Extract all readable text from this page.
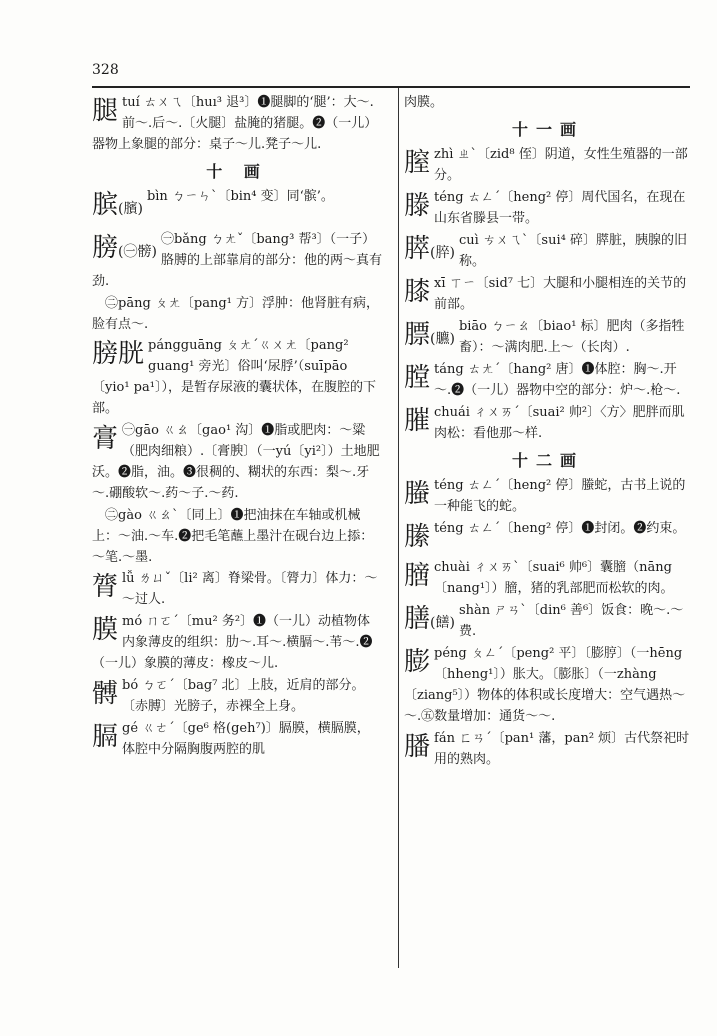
328
腿tuí ㄊㄨㄟ〔huı³ 退³〕❶腿脚的‘腿’：大～.前～.后～.〔火腿〕盐腌的猪腿。❷（一儿）器物上象腿的部分：桌子～儿.凳子～儿.
十 画
膑(臏)
bìn ㄅㄧㄣˋ〔bin⁴ 变〕同‘髌’。
膀(㊀髈)
㊀bǎng ㄅㄤˇ〔bang³ 帮³〕（一子）胳膊的上部靠肩的部分：他的两～真有劲.

㊁pāng ㄆㄤ〔pang¹ 方〕浮肿：他肾脏有病，脸有点～.

膀胱 pángguāng ㄆㄤˊㄍㄨㄤ〔pang² guang¹ 旁光〕俗叫‘尿脬’（suīpāo〔yio¹ pa¹〕），是暂存尿液的囊状体，在腹腔的下部。
膏 ㊀gāo ㄍㄠ〔gao¹ 沟〕❶脂或肥肉：～粱（肥肉细粮）.〔膏腴〕（一yú〔yi²〕）土地肥沃。❷脂，油。❸很稠的、糊状的东西：梨～.牙～.硼酸软～.药～子.～药.

㊁gào ㄍㄠˋ〔同上〕❶把油抹在车轴或机械上：～油.～车.❷把毛笔蘸上墨汁在砚台边上掭：～笔.～墨.

膂lǚ ㄌㄩˇ〔li² 离〕脊梁骨。〔膂力〕体力：～～过人.
膜mó ㄇㄛˊ〔mu² 务²〕❶（一儿）动植物体内象薄皮的组织：肋～.耳～.横膈～.苇～.❷（一儿）象膜的薄皮：橡皮～儿.
髆bó ㄅㄛˊ〔bag⁷ 北〕上肢，近肩的部分。〔赤膊〕光膀子，赤裸全上身。
膈gé ㄍㄜˊ〔ge⁶ 格(geh⁷)〕膈膜，横膈膜，体腔中分隔胸腹两腔的肌

肉膜。

十一画
膣zhì ㄓˋ〔zid⁸ 侄〕阴道，女性生殖器的一部分。
滕téng ㄊㄥˊ〔heng² 停〕周代国名，在现在山东省滕县一带。
膵(脺)
cuì ㄘㄨㄟˋ〔sui⁴ 碎〕膵脏，胰腺的旧称。
膝xī ㄒㄧ〔sid⁷ 七〕大腿和小腿相连的关节的前部。
膘(臕)
biāo ㄅㄧㄠ〔biao¹ 标〕肥肉（多指牲畜）：～满肉肥.上～（长肉）.
膛táng ㄊㄤˊ〔hang² 唐〕❶体腔：胸～.开～.❷（一儿）器物中空的部分：炉～.枪～.
膗chuái ㄔㄨㄞˊ〔suai² 帅²〕〈方〉肥胖而肌肉松：看他那～样.
十二画
螣téng ㄊㄥˊ〔heng² 停〕螣蛇，古书上说的一种能飞的蛇。
縢téng ㄊㄥˊ〔heng² 停〕❶封闭。❷约束。
膪chuài ㄔㄨㄞˋ〔suai⁶ 帅⁶〕囊膪（nāng〔nang¹〕）膪，猪的乳部肥而松软的肉。
膳(饍)
shàn ㄕㄢˋ〔din⁶ 善⁶〕饭食：晚～.～费.
膨péng ㄆㄥˊ〔peng² 平〕〔膨脝〕（一hēng〔hheng¹〕）胀大。〔膨胀〕（一zhàng〔ziang⁵〕）物体的体积或长度增大：空气遇热～～.㊄数量增加：通货～～.
膰fán ㄈㄢˊ〔pan¹ 藩，pan² 烦〕古代祭祀时用的熟肉。
